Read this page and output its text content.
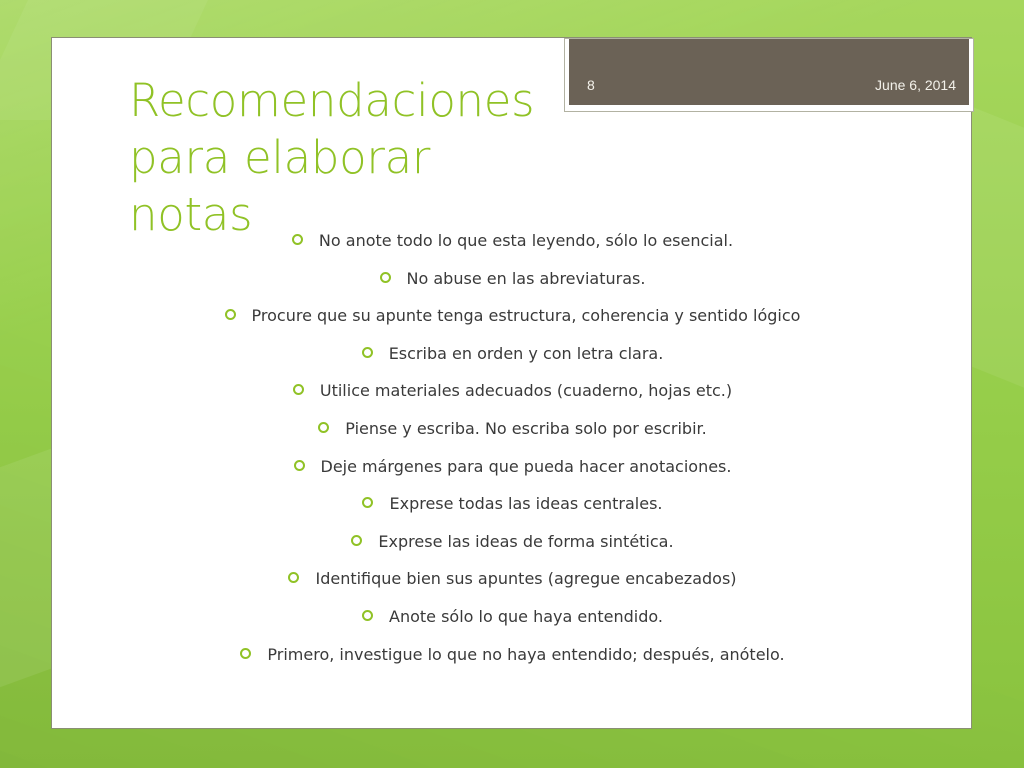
8	June 6, 2014
Recomendaciones para elaborar notas	No anote todo lo que esta leyendo, sólo lo esencial.
No abuse en las abreviaturas.
Procure que su apunte tenga estructura, coherencia y sentido lógico
Escriba en orden y con letra clara.
Utilice materiales adecuados (cuaderno, hojas etc.)
Piense y escriba. No escriba solo por escribir.
Deje márgenes para que pueda hacer anotaciones.
Exprese todas las ideas centrales.
Exprese las ideas de forma sintética.
Identifique bien sus apuntes (agregue encabezados)
Anote sólo lo que haya entendido.
Primero, investigue lo que no haya entendido; después, anótelo.
